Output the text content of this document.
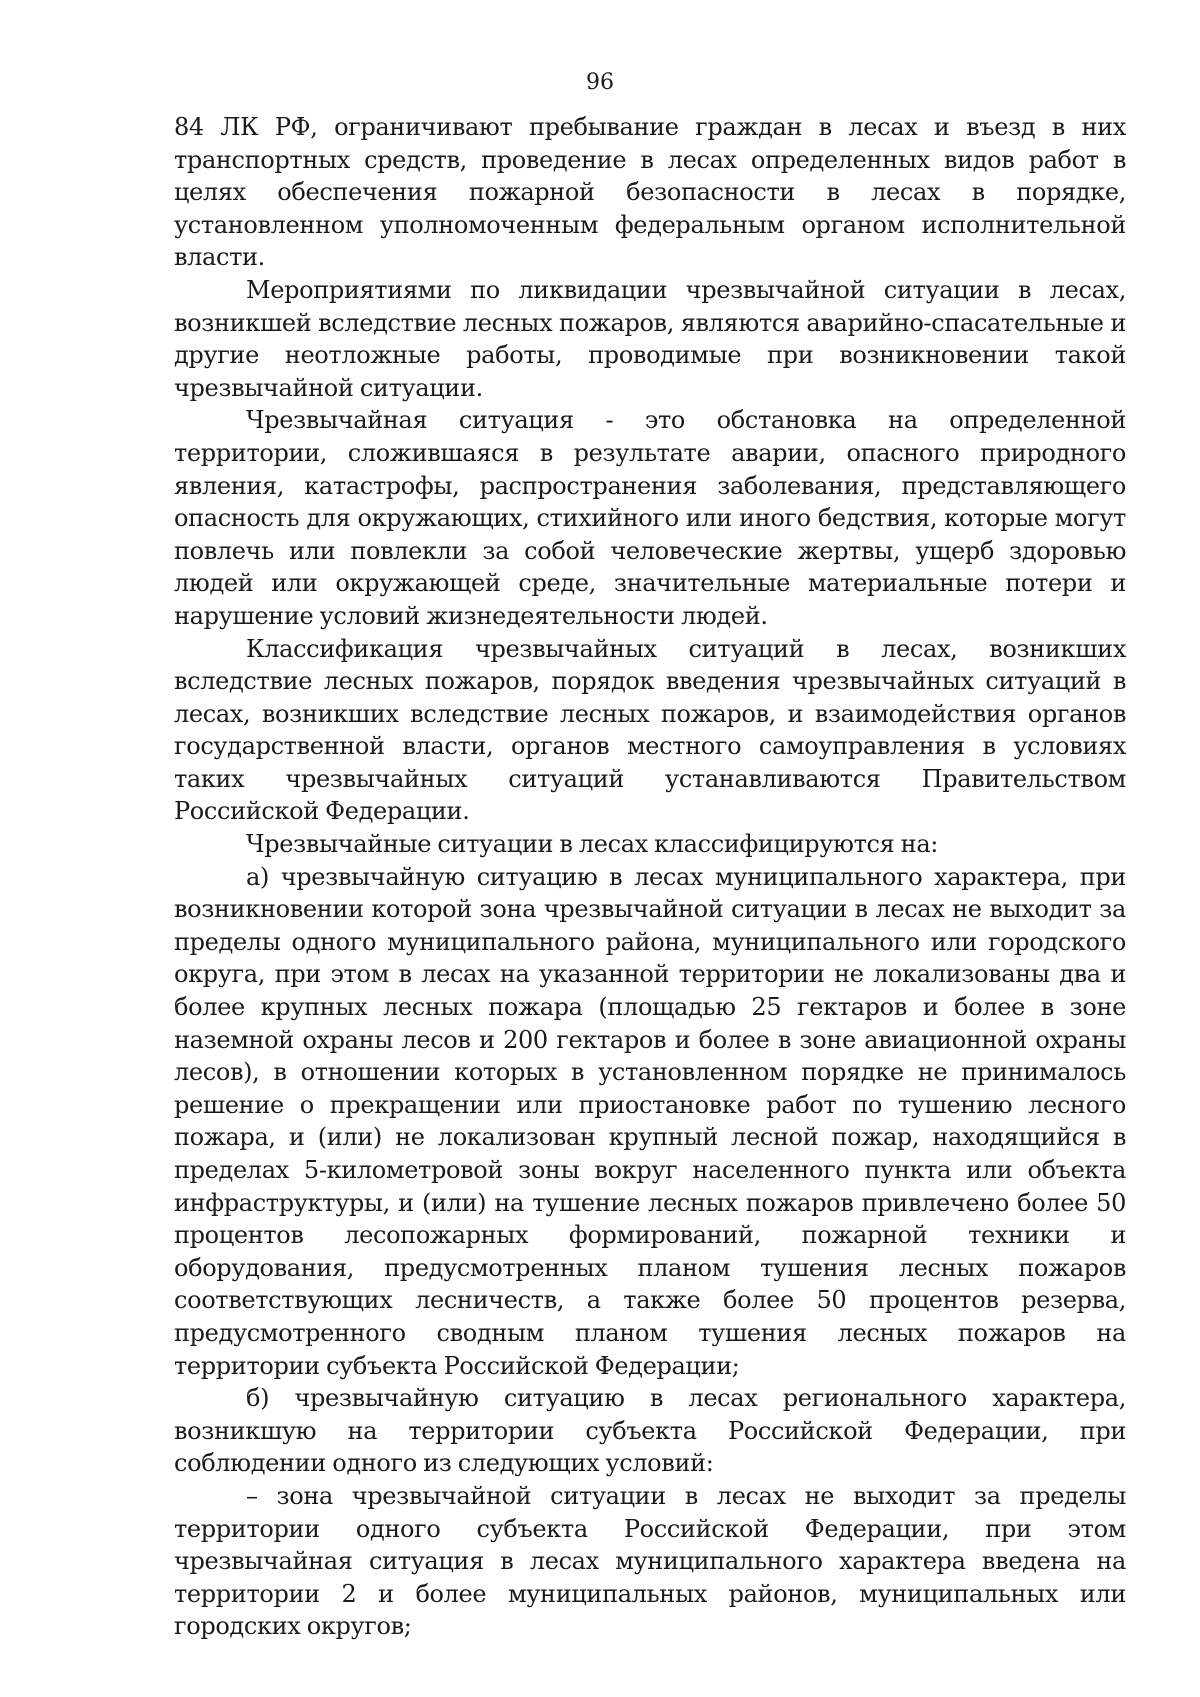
96

84 ЛК РФ, ограничивают пребывание граждан в лесах и въезд в них транспортных средств, проведение в лесах определенных видов работ в целях обеспечения пожарной безопасности в лесах в порядке, установленном уполномоченным федеральным органом исполнительной власти.

Мероприятиями по ликвидации чрезвычайной ситуации в лесах, возникшей вследствие лесных пожаров, являются аварийно-спасательные и другие неотложные работы, проводимые при возникновении такой чрезвычайной ситуации.

Чрезвычайная ситуация - это обстановка на определенной территории, сложившаяся в результате аварии, опасного природного явления, катастрофы, распространения заболевания, представляющего опасность для окружающих, стихийного или иного бедствия, которые могут повлечь или повлекли за собой человеческие жертвы, ущерб здоровью людей или окружающей среде, значительные материальные потери и нарушение условий жизнедеятельности людей.

Классификация чрезвычайных ситуаций в лесах, возникших вследствие лесных пожаров, порядок введения чрезвычайных ситуаций в лесах, возникших вследствие лесных пожаров, и взаимодействия органов государственной власти, органов местного самоуправления в условиях таких чрезвычайных ситуаций устанавливаются Правительством Российской Федерации.

Чрезвычайные ситуации в лесах классифицируются на:

а) чрезвычайную ситуацию в лесах муниципального характера, при возникновении которой зона чрезвычайной ситуации в лесах не выходит за пределы одного муниципального района, муниципального или городского округа, при этом в лесах на указанной территории не локализованы два и более крупных лесных пожара (площадью 25 гектаров и более в зоне наземной охраны лесов и 200 гектаров и более в зоне авиационной охраны лесов), в отношении которых в установленном порядке не принималось решение о прекращении или приостановке работ по тушению лесного пожара, и (или) не локализован крупный лесной пожар, находящийся в пределах 5-километровой зоны вокруг населенного пункта или объекта инфраструктуры, и (или) на тушение лесных пожаров привлечено более 50 процентов лесопожарных формирований, пожарной техники и оборудования, предусмотренных планом тушения лесных пожаров соответствующих лесничеств, а также более 50 процентов резерва, предусмотренного сводным планом тушения лесных пожаров на территории субъекта Российской Федерации;

б) чрезвычайную ситуацию в лесах регионального характера, возникшую на территории субъекта Российской Федерации, при соблюдении одного из следующих условий:

– зона чрезвычайной ситуации в лесах не выходит за пределы территории одного субъекта Российской Федерации, при этом чрезвычайная ситуация в лесах муниципального характера введена на территории 2 и более муниципальных районов, муниципальных или городских округов;
